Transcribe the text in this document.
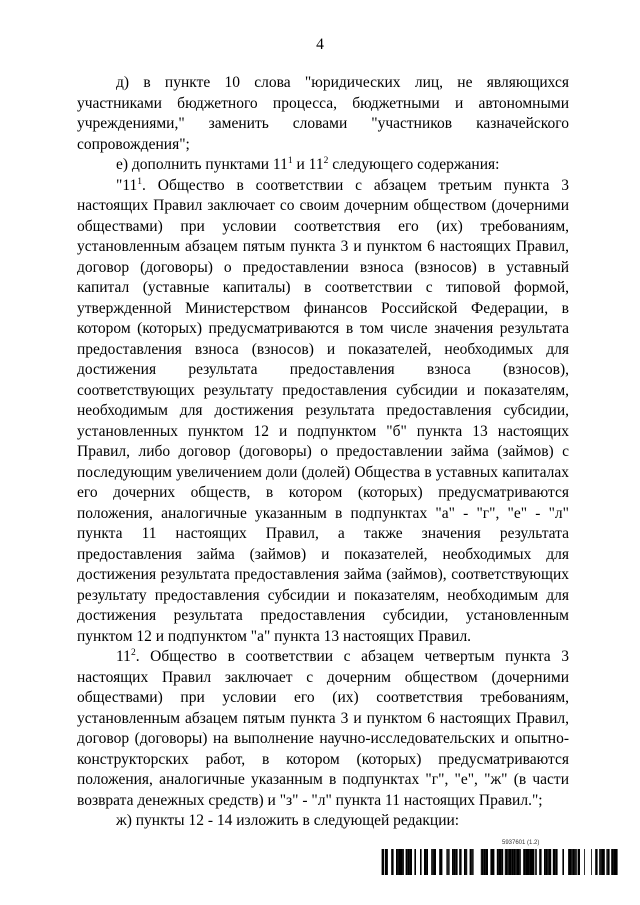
4

д) в пункте 10 слова "юридических лиц, не являющихся участниками бюджетного процесса, бюджетными и автономными учреждениями," заменить словами "участников казначейского сопровождения";

е) дополнить пунктами $11^1$ и $11^2$ следующего содержания:

"$11^1$. Общество в соответствии с абзацем третьим пункта 3 настоящих Правил заключает со своим дочерним обществом (дочерними обществами) при условии соответствия его (их) требованиям, установленным абзацем пятым пункта 3 и пунктом 6 настоящих Правил, договор (договоры) о предоставлении взноса (взносов) в уставный капитал (уставные капиталы) в соответствии с типовой формой, утвержденной Министерством финансов Российской Федерации, в котором (которых) предусматриваются в том числе значения результата предоставления взноса (взносов) и показателей, необходимых для достижения результата предоставления взноса (взносов), соответствующих результату предоставления субсидии и показателям, необходимым для достижения результата предоставления субсидии, установленных пунктом 12 и подпунктом "б" пункта 13 настоящих Правил, либо договор (договоры) о предоставлении займа (займов) с последующим увеличением доли (долей) Общества в уставных капиталах его дочерних обществ, в котором (которых) предусматриваются положения, аналогичные указанным в подпунктах "а" - "г", "е" - "л" пункта 11 настоящих Правил, а также значения результата предоставления займа (займов) и показателей, необходимых для достижения результата предоставления займа (займов), соответствующих результату предоставления субсидии и показателям, необходимым для достижения результата предоставления субсидии, установленным пунктом 12 и подпунктом "а" пункта 13 настоящих Правил.

$11^2$. Общество в соответствии с абзацем четвертым пункта 3 настоящих Правил заключает с дочерним обществом (дочерними обществами) при условии его (их) соответствия требованиям, установленным абзацем пятым пункта 3 и пунктом 6 настоящих Правил, договор (договоры) на выполнение научно-исследовательских и опытно-конструкторских работ, в котором (которых) предусматриваются положения, аналогичные указанным в подпунктах "г", "е", "ж" (в части возврата денежных средств) и "з" - "л" пункта 11 настоящих Правил.";

ж) пункты 12 - 14 изложить в следующей редакции:

5937601 (1.2)
